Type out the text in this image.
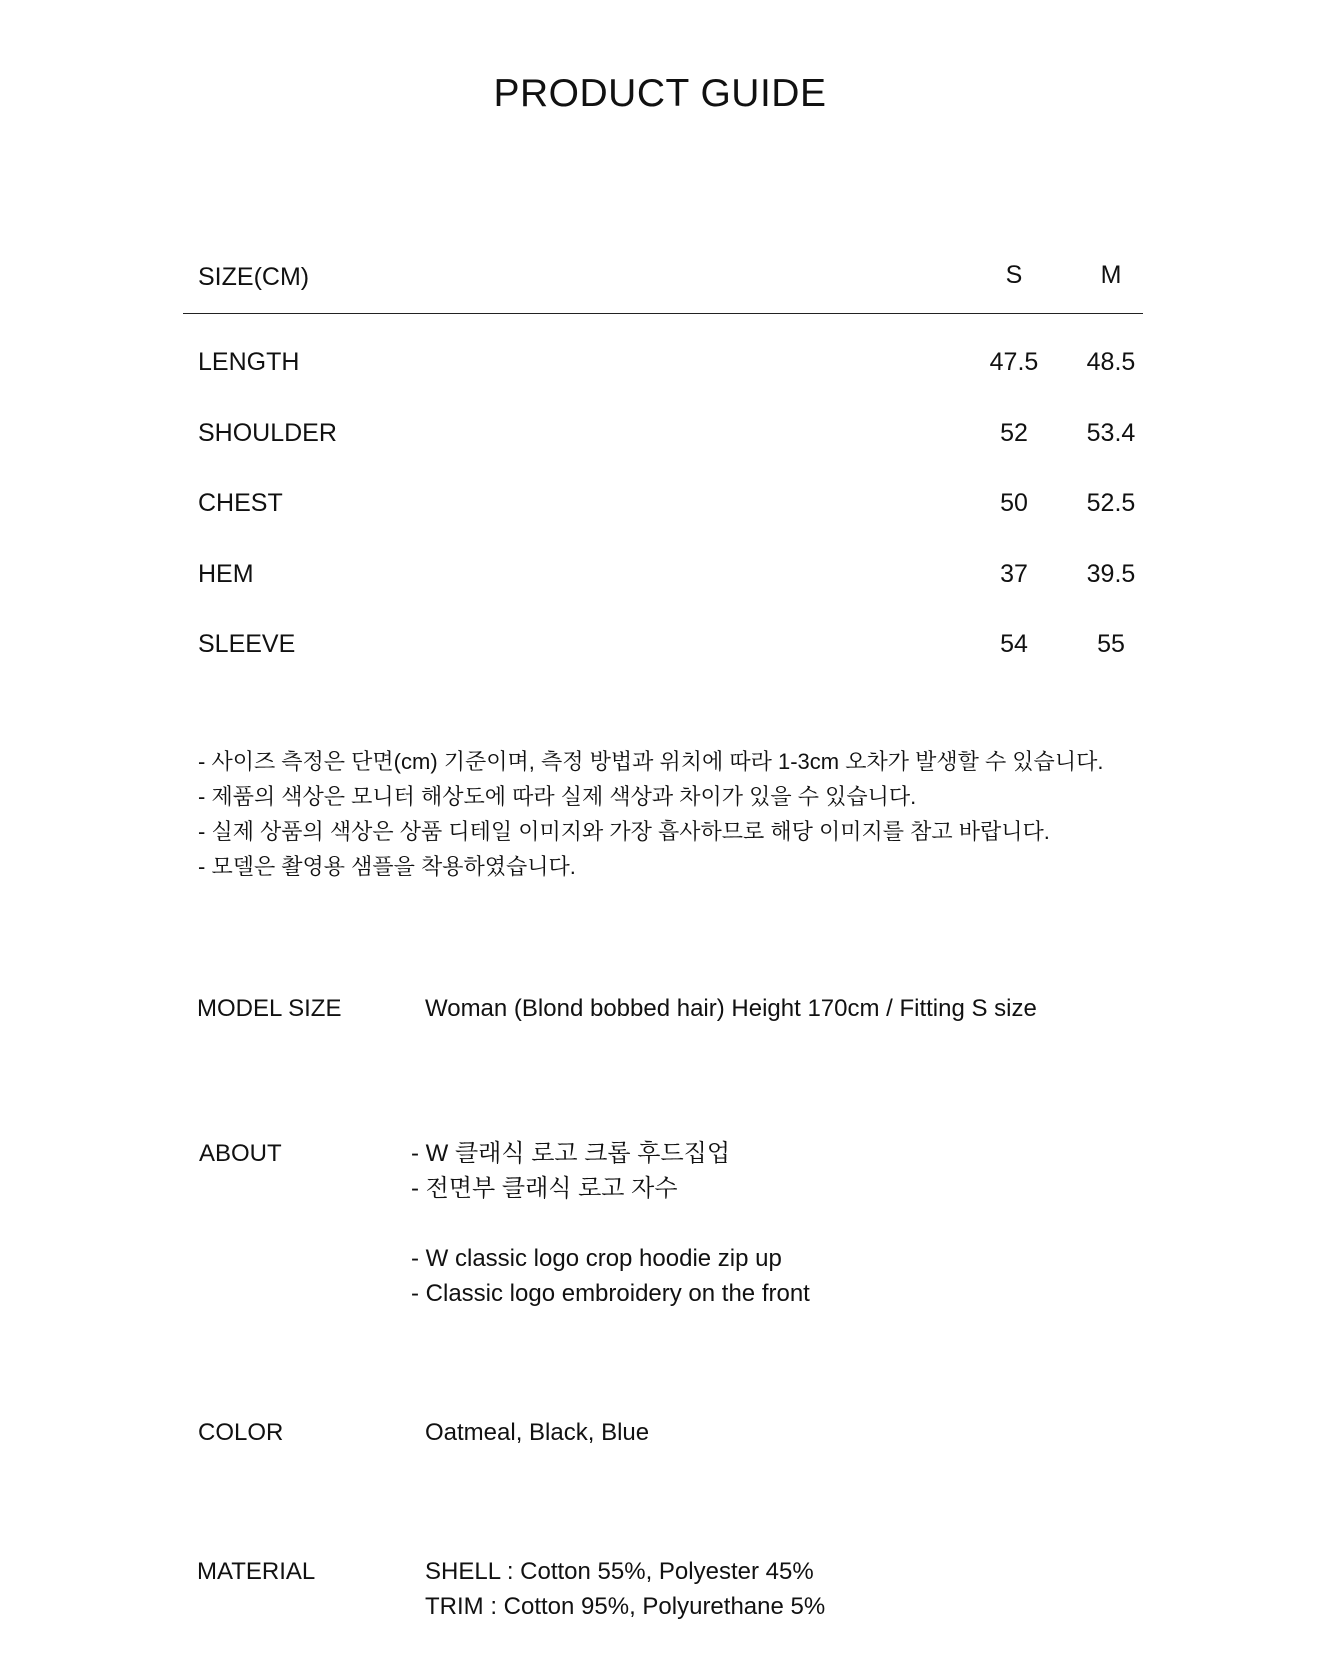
PRODUCT GUIDE
SIZE(CM)	S	M
LENGTH	47.5	48.5
SHOULDER	52	53.4
CHEST	50	52.5
HEM	37	39.5
SLEEVE	54	55
- 사이즈 측정은 단면(cm) 기준이며, 측정 방법과 위치에 따라 1-3cm 오차가 발생할 수 있습니다.
- 제품의 색상은 모니터 해상도에 따라 실제 색상과 차이가 있을 수 있습니다.
- 실제 상품의 색상은 상품 디테일 이미지와 가장 흡사하므로 해당 이미지를 참고 바랍니다.
- 모델은 촬영용 샘플을 착용하였습니다.
MODEL SIZE	Woman (Blond bobbed hair) Height 170cm / Fitting S size
ABOUT	- W 클래식 로고 크롭 후드집업
- 전면부 클래식 로고 자수
- W classic logo crop hoodie zip up
- Classic logo embroidery on the front
COLOR	Oatmeal, Black, Blue
MATERIAL	SHELL : Cotton 55%, Polyester 45%
TRIM : Cotton 95%, Polyurethane 5%
